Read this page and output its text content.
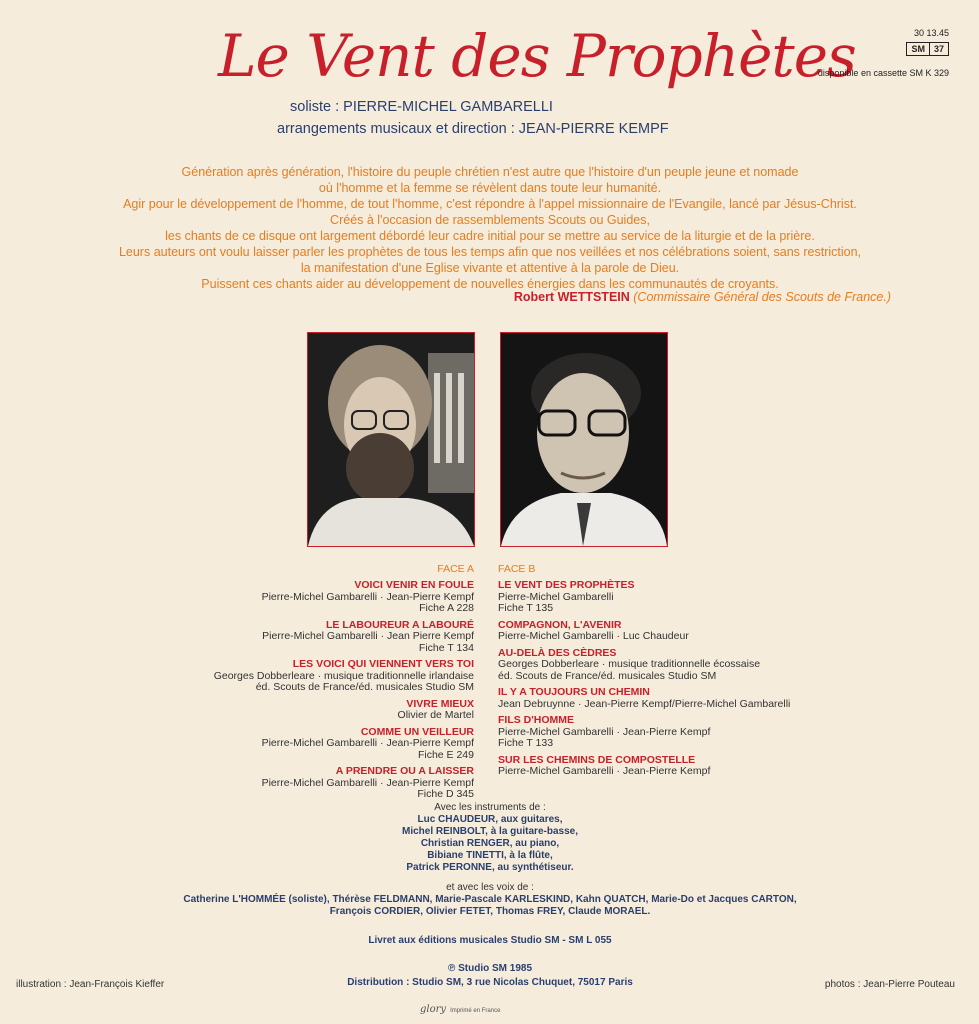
Le Vent des Prophètes
soliste : PIERRE-MICHEL GAMBARELLI
arrangements musicaux et direction : JEAN-PIERRE KEMPF
30 13.45
SM	37
disponible en cassette SM K 329
Génération après génération, l'histoire du peuple chrétien n'est autre que l'histoire d'un peuple jeune et nomade
où l'homme et la femme se révèlent dans toute leur humanité.
Agir pour le développement de l'homme, de tout l'homme, c'est répondre à l'appel missionnaire de l'Evangile, lancé par Jésus-Christ.
Créés à l'occasion de rassemblements Scouts ou Guides,
les chants de ce disque ont largement débordé leur cadre initial pour se mettre au service de la liturgie et de la prière.
Leurs auteurs ont voulu laisser parler les prophètes de tous les temps afin que nos veillées et nos célébrations soient, sans restriction,
la manifestation d'une Eglise vivante et attentive à la parole de Dieu.
Puissent ces chants aider au développement de nouvelles énergies dans les communautés de croyants.
Robert WETTSTEIN (Commissaire Général des Scouts de France.)
FACE A
VOICI VENIR EN FOULE
Pierre-Michel Gambarelli · Jean-Pierre Kempf
Fiche A 228
LE LABOUREUR A LABOURÉ
Pierre-Michel Gambarelli · Jean Pierre Kempf
Fiche T 134
LES VOICI QUI VIENNENT VERS TOI
Georges Dobberleare · musique traditionnelle irlandaise
éd. Scouts de France/éd. musicales Studio SM
VIVRE MIEUX
Olivier de Martel
COMME UN VEILLEUR
Pierre-Michel Gambarelli · Jean-Pierre Kempf
Fiche E 249
A PRENDRE OU A LAISSER
Pierre-Michel Gambarelli · Jean-Pierre Kempf
Fiche D 345
FACE B
LE VENT DES PROPHÈTES
Pierre-Michel Gambarelli
Fiche T 135
COMPAGNON, L'AVENIR
Pierre-Michel Gambarelli · Luc Chaudeur
AU-DELÀ DES CÈDRES
Georges Dobberleare · musique traditionnelle écossaise
éd. Scouts de France/éd. musicales Studio SM
IL Y A TOUJOURS UN CHEMIN
Jean Debruynne · Jean-Pierre Kempf/Pierre-Michel Gambarelli
FILS D'HOMME
Pierre-Michel Gambarelli · Jean-Pierre Kempf
Fiche T 133
SUR LES CHEMINS DE COMPOSTELLE
Pierre-Michel Gambarelli · Jean-Pierre Kempf
Avec les instruments de :
Luc CHAUDEUR, aux guitares,
Michel REINBOLT, à la guitare-basse,
Christian RENGER, au piano,
Bibiane TINETTI, à la flûte,
Patrick PERONNE, au synthétiseur.
et avec les voix de :
Catherine L'HOMMÉE (soliste), Thérèse FELDMANN, Marie-Pascale KARLESKIND, Kahn QUATCH, Marie-Do et Jacques CARTON,
François CORDIER, Olivier FETET, Thomas FREY, Claude MORAEL.
Livret aux éditions musicales Studio SM - SM L 055
℗ Studio SM 1985
Distribution : Studio SM, 3 rue Nicolas Chuquet, 75017 Paris
illustration : Jean-François Kieffer	photos : Jean-Pierre Pouteau
glory Imprimé en France
